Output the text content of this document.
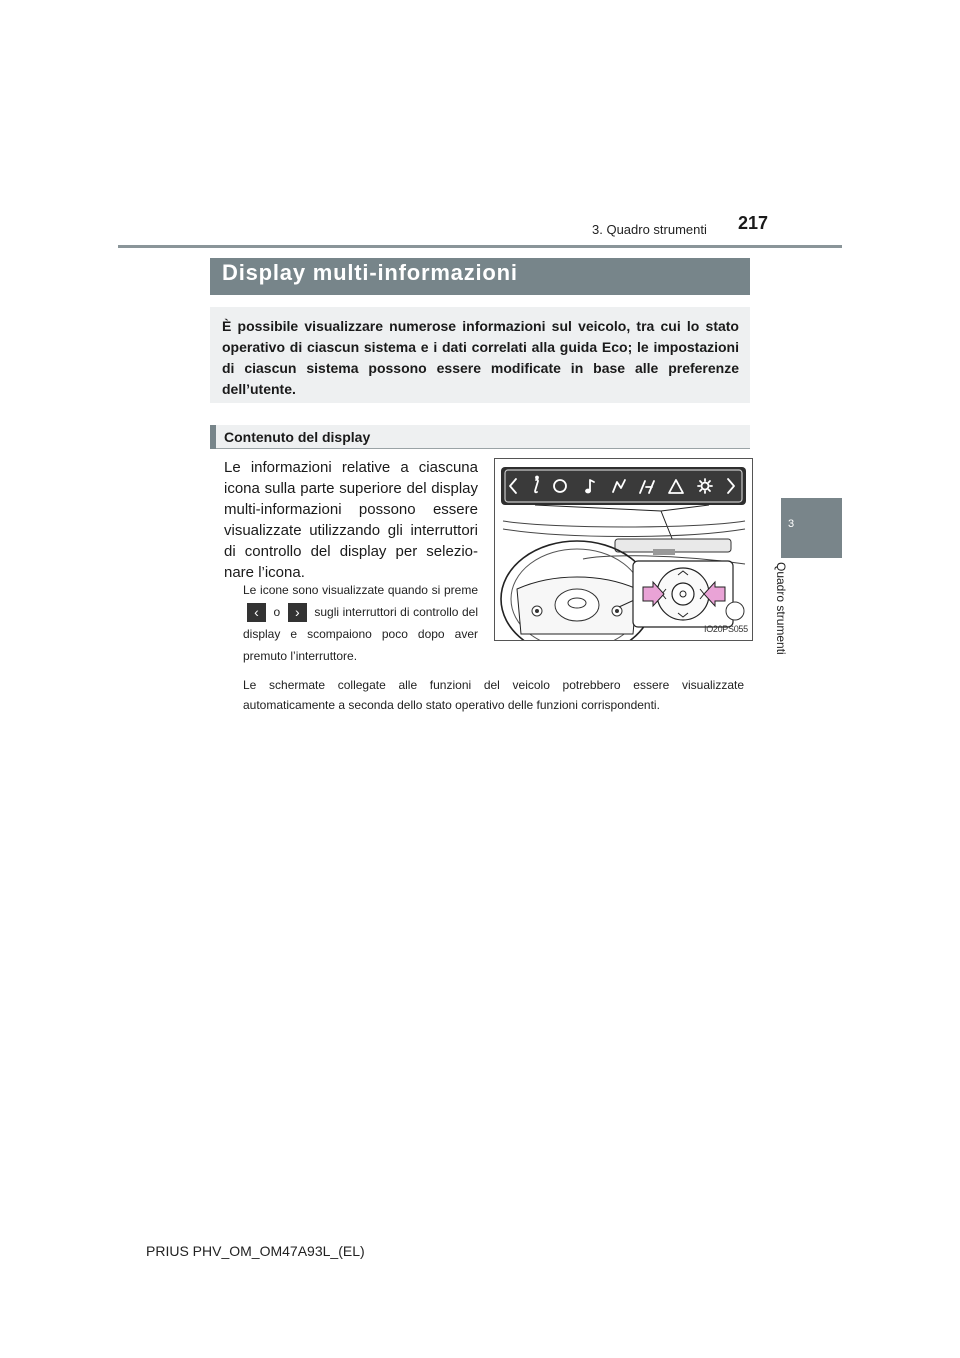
217
3. Quadro strumenti
3
Quadro strumenti
Display multi-informazioni
È possibile visualizzare numerose informazioni sul veicolo, tra cui lo stato operativo di ciascun sistema e i dati correlati alla guida Eco; le impostazioni di ciascun sistema possono essere modificate in base alle preferenze dell’utente.
Contenuto del display
Le informazioni relative a ciascuna icona sulla parte superiore del display multi-informazioni possono essere visualizzate utilizzando gli interruttori di controllo del display per selezio-nare l’icona.
Le icone sono visualizzate quando si preme ‹ o › sugli interruttori di controllo del display e scompaiono poco dopo aver premuto l’interruttore.
Le schermate collegate alle funzioni del veicolo potrebbero essere visualizzate automaticamente a seconda dello stato operativo delle funzioni corrispondenti.
IO20PS055
PRIUS PHV_OM_OM47A93L_(EL)
